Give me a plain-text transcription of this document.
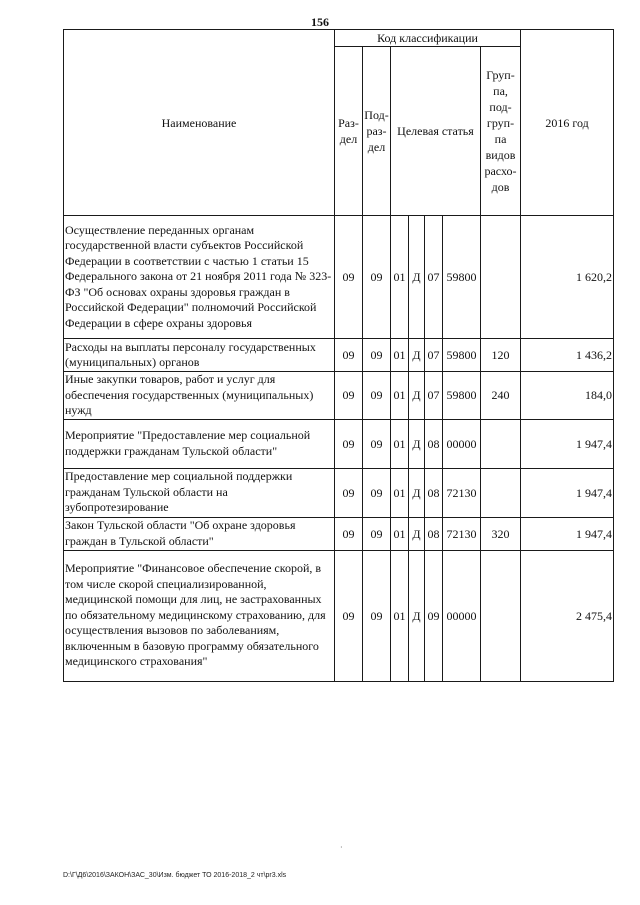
156
Наименование	Код классификации							2016 год
	Раз- дел	Под- раз- дел	Целевая статья				Груп- па, под- груп- па видов расхо- дов	
Осуществление переданных органам государственной власти субъектов Российской Федерации в соответствии с частью 1 статьи 15 Федерального закона от 21 ноября 2011 года № 323-ФЗ "Об основах охраны здоровья граждан в Российской Федерации" полномочий Российской Федерации в сфере охраны здоровья	09	09	01	Д	07	59800		1 620,2
Расходы на выплаты персоналу государственных (муниципальных) органов	09	09	01	Д	07	59800	120	1 436,2
Иные закупки товаров, работ и услуг для обеспечения государственных (муниципальных) нужд	09	09	01	Д	07	59800	240	184,0
Мероприятие "Предоставление мер социальной поддержки гражданам Тульской области"	09	09	01	Д	08	00000		1 947,4
Предоставление мер социальной поддержки гражданам Тульской области на зубопротезирование	09	09	01	Д	08	72130		1 947,4
Закон Тульской области "Об охране здоровья граждан в Тульской области"	09	09	01	Д	08	72130	320	1 947,4
Мероприятие "Финансовое обеспечение скорой, в том числе скорой специализированной, медицинской помощи для лиц, не застрахованных по обязательному медицинскому страхованию, для осуществления вызовов по заболеваниям, включенным в базовую программу обязательного медицинского страхования"	09	09	01	Д	09	00000		2 475,4
·
D:\Г\Д6\2016\ЗАКОН\ЗАС_30\Изм. бюджет ТО 2016-2018_2 чт\pr3.xls
